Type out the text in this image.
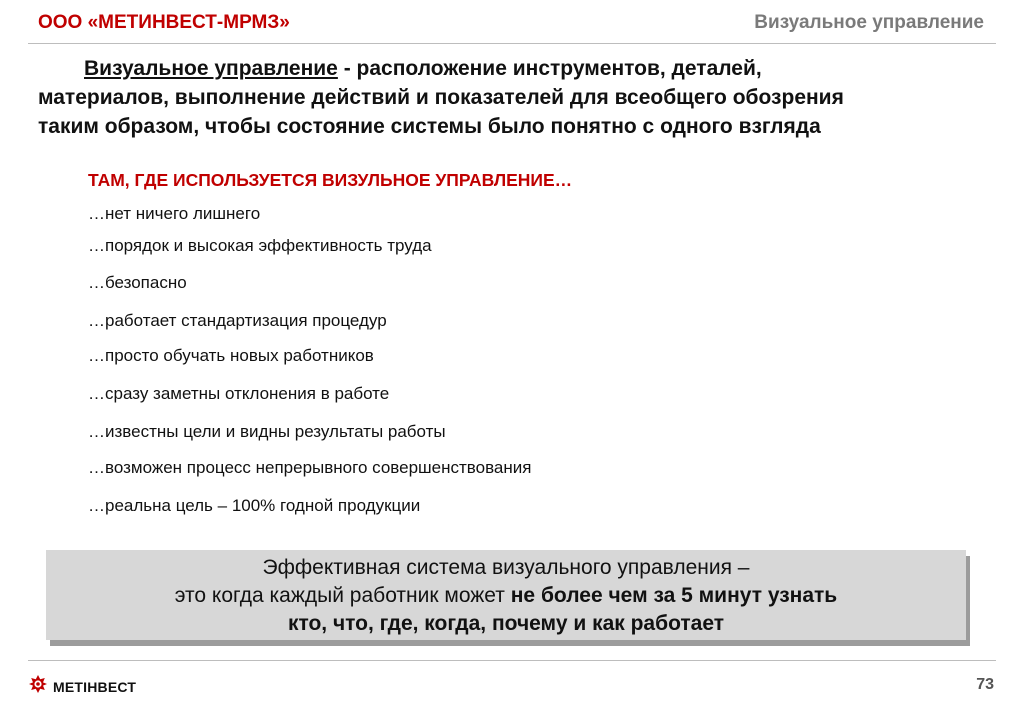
ООО «МЕТИНВЕСТ-МРМЗ»	Визуальное управление
Визуальное управление - расположение инструментов, деталей,
материалов, выполнение действий и показателей для всеобщего обозрения
таким образом, чтобы состояние системы было понятно с одного взгляда
ТАМ, ГДЕ ИСПОЛЬЗУЕТСЯ ВИЗУЛЬНОЕ УПРАВЛЕНИЕ…
…нет ничего лишнего
…порядок и высокая эффективность труда
…безопасно
…работает стандартизация процедур
…просто обучать новых работников
…сразу заметны отклонения в работе
…известны цели и видны результаты работы
…возможен процесс непрерывного совершенствования
…реальна цель – 100% годной продукции
Эффективная система визуального управления –
это когда каждый работник может не более чем за 5 минут узнать
кто, что, где, когда, почему и как работает
МЕТІНВЕСТ	73
